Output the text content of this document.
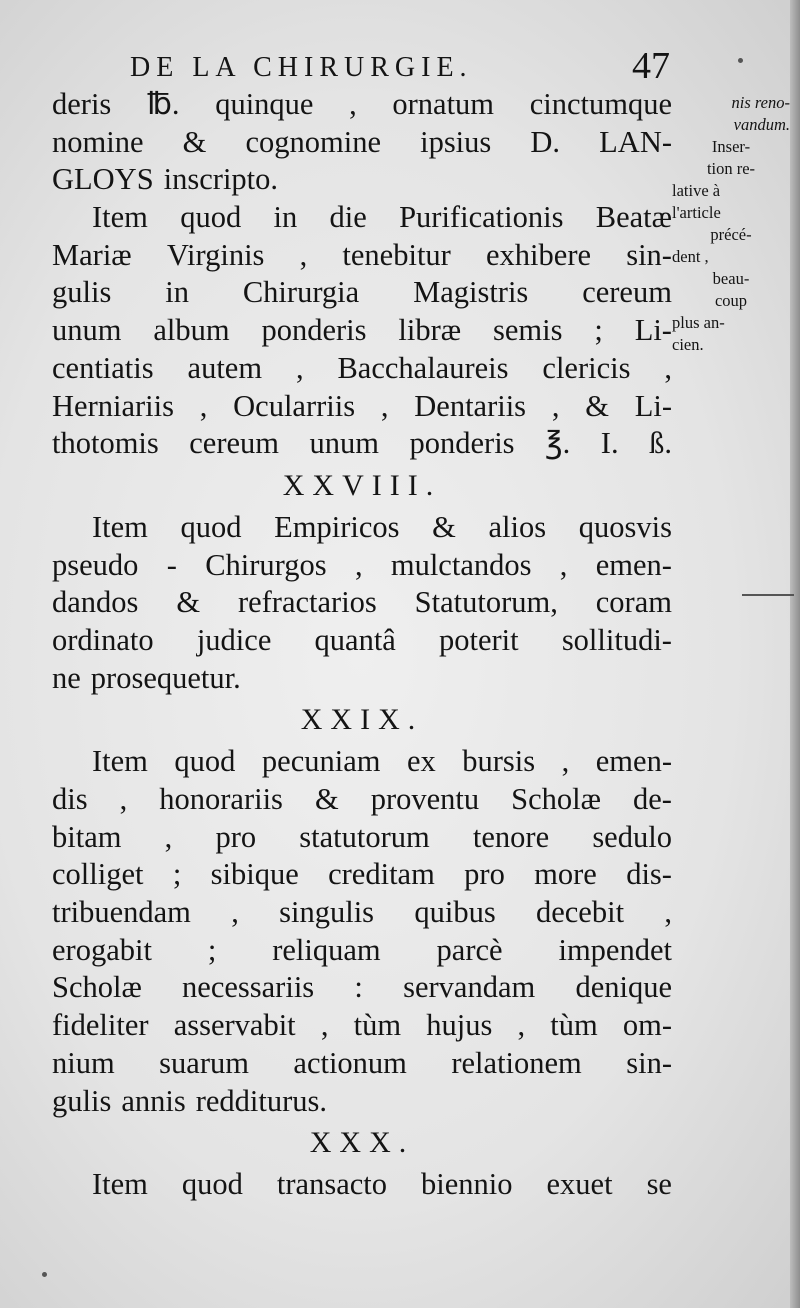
DE LA CHIRURGIE.	47
deris ℔. quinque , ornatum cinctumque
nomine & cognomine ipsius D. LAN-
GLOYS inscripto.
Item quod in die Purificationis Beatæ
Mariæ Virginis , tenebitur exhibere sin-
gulis in Chirurgia Magistris cereum
unum album ponderis libræ semis ; Li-
centiatis autem , Bacchalaureis clericis ,
Herniariis , Ocularriis , Dentariis , & Li-
thotomis cereum unum ponderis ℥. I. ß.
XXVIII.
Item quod Empiricos & alios quosvis
pseudo - Chirurgos , mulctandos , emen-
dandos & refractarios Statutorum, coram
ordinato judice quantâ poterit sollitudi-
ne prosequetur.
XXIX.
Item quod pecuniam ex bursis , emen-
dis , honorariis & proventu Scholæ de-
bitam , pro statutorum tenore sedulo
colliget ; sibique creditam pro more dis-
tribuendam , singulis quibus decebit ,
erogabit ; reliquam parcè impendet
Scholæ necessariis : servandam denique
fideliter asservabit , tùm hujus , tùm om-
nium suarum actionum relationem sin-
gulis annis redditurus.
XXX.
Item quod transacto biennio exuet se
nis reno-
vandum.
Inser-
tion re-
lative à
l'article
précé-
dent ,
beau-
coup
plus an-
cien.
